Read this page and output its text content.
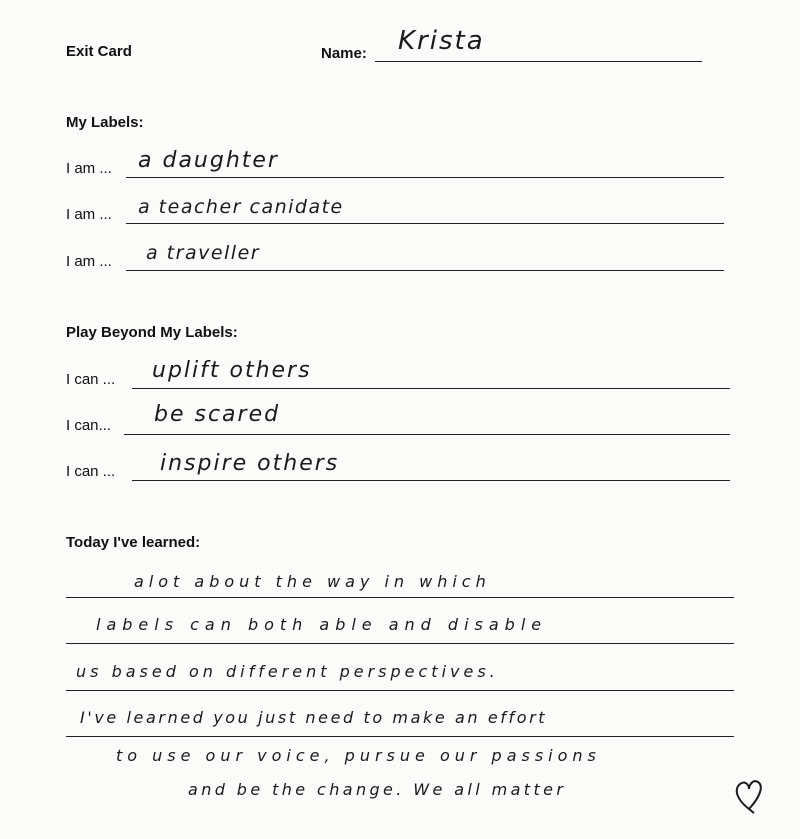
Exit Card	Name: Krista
My Labels:
I am ... a daughter
I am ... a teacher canidate
I am ... a traveller
Play Beyond My Labels:
I can ... uplift others
I can... be scared
I can ... inspire others
Today I've learned:
alot about the way in which
labels can both able and disable
us based on different perspectives.
I've learned you just need to make an effort
to use our voice, pursue our passions
and be the change. We all matter
